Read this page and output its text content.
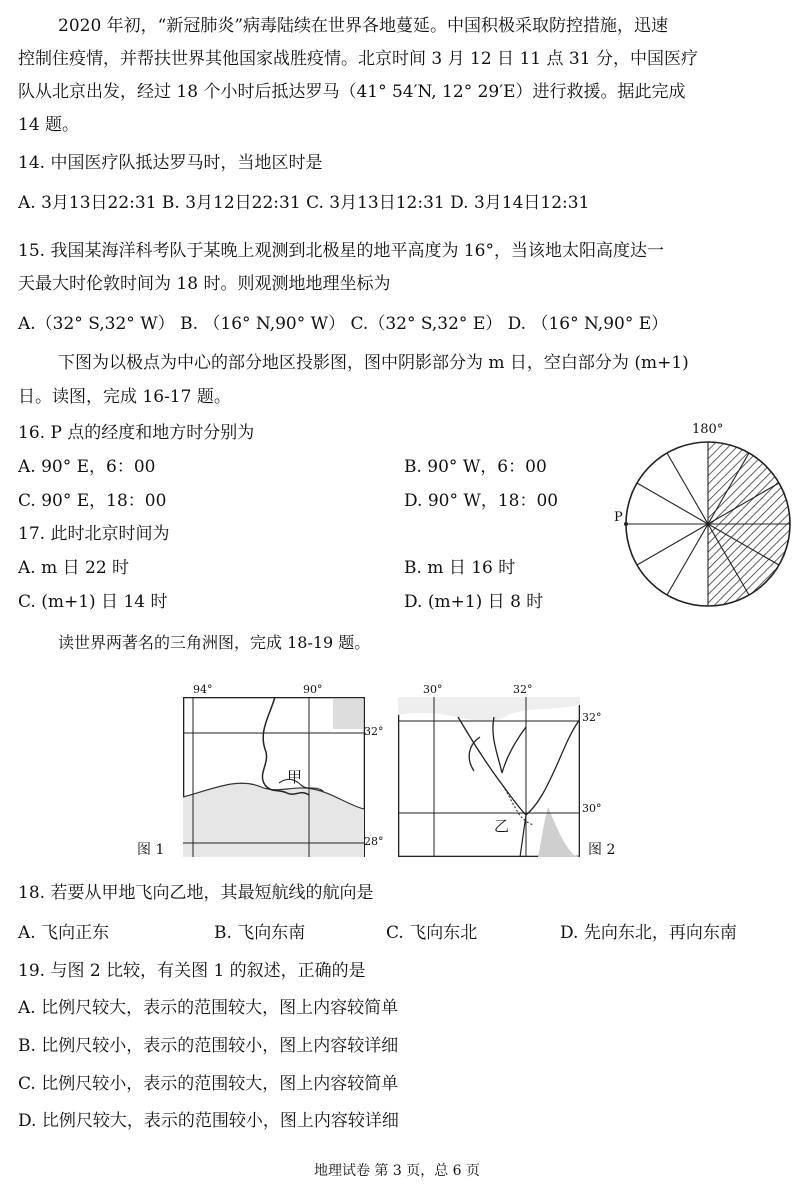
2020 年初，“新冠肺炎”病毒陆续在世界各地蔓延。中国积极采取防控措施，迅速
控制住疫情，并帮扶世界其他国家战胜疫情。北京时间 3 月 12 日 11 点 31 分，中国医疗
队从北京出发，经过 18 个小时后抵达罗马（41° 54′N, 12° 29′E）进行救援。据此完成
14 题。
14. 中国医疗队抵达罗马时，当地区时是
A. 3月13日22:31 B. 3月12日22:31 C. 3月13日12:31 D. 3月14日12:31
15. 我国某海洋科考队于某晚上观测到北极星的地平高度为 16°，当该地太阳高度达一
天最大时伦敦时间为 18 时。则观测地地理坐标为
A.（32° S,32° W） B. （16° N,90° W） C.（32° S,32° E） D. （16° N,90° E）
下图为以极点为中心的部分地区投影图，图中阴影部分为 m 日，空白部分为 (m+1)
日。读图，完成 16-17 题。
16. P 点的经度和地方时分别为
A. 90° E，6：00	B. 90° W，6：00
C. 90° E，18：00	D. 90° W，18：00
17. 此时北京时间为
A. m 日 22 时	B. m 日 16 时
C. (m+1) 日 14 时	D. (m+1) 日 8 时
180°
P
读世界两著名的三角洲图，完成 18-19 题。
94°	90°
32°
28°
甲
图 1
30°	32°
32°
30°
乙
图 2
18. 若要从甲地飞向乙地，其最短航线的航向是
A. 飞向正东	B. 飞向东南	C. 飞向东北	D. 先向东北，再向东南
19. 与图 2 比较，有关图 1 的叙述，正确的是
A. 比例尺较大，表示的范围较大，图上内容较简单
B. 比例尺较小，表示的范围较小，图上内容较详细
C. 比例尺较小，表示的范围较大，图上内容较简单
D. 比例尺较大，表示的范围较小，图上内容较详细
地理试卷 第 3 页，总 6 页
